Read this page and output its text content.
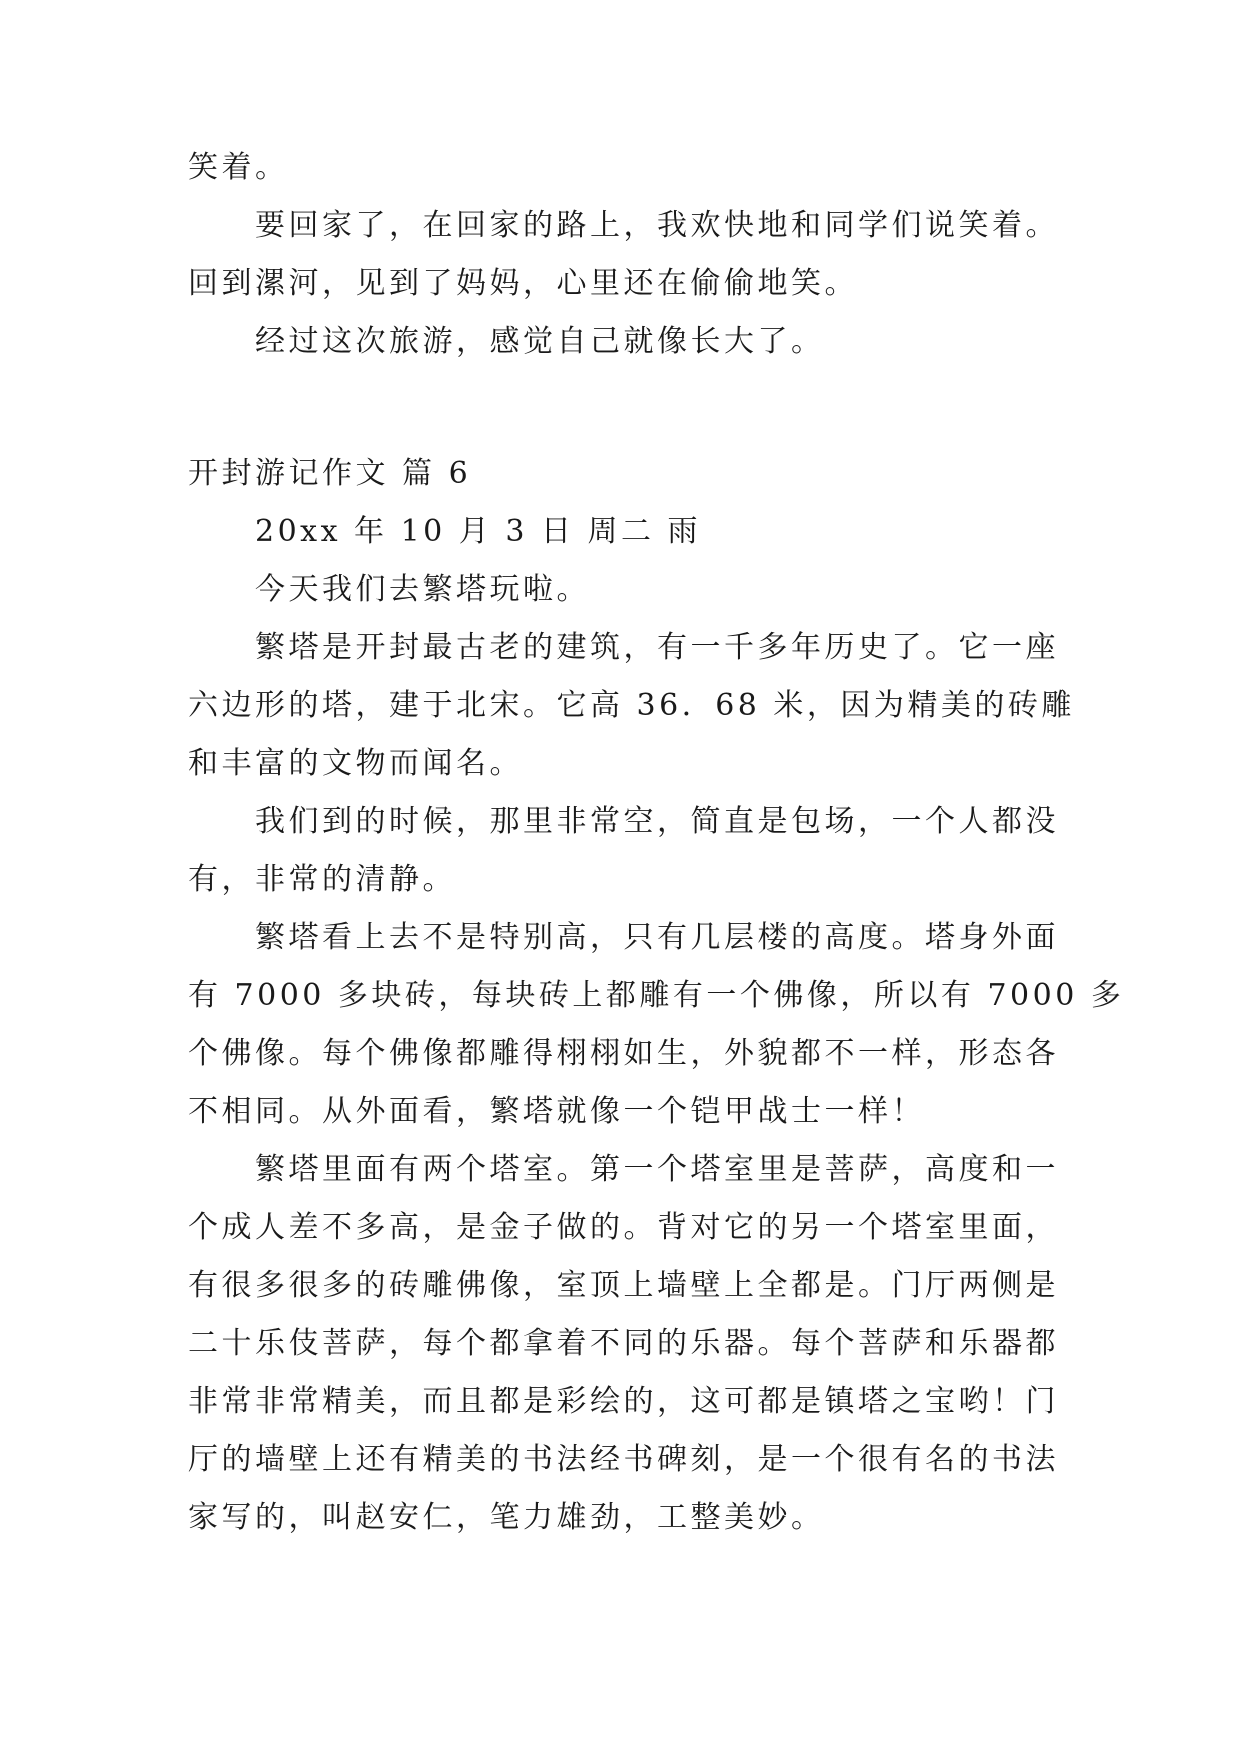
笑着。
要回家了，在回家的路上，我欢快地和同学们说笑着。
回到漯河，见到了妈妈，心里还在偷偷地笑。
经过这次旅游，感觉自己就像长大了。
开封游记作文 篇 6
20xx 年 10 月 3 日 周二 雨
今天我们去繁塔玩啦。
繁塔是开封最古老的建筑，有一千多年历史了。它一座
六边形的塔，建于北宋。它高 36．68 米，因为精美的砖雕
和丰富的文物而闻名。
我们到的时候，那里非常空，简直是包场，一个人都没
有，非常的清静。
繁塔看上去不是特别高，只有几层楼的高度。塔身外面
有 7000 多块砖，每块砖上都雕有一个佛像，所以有 7000 多
个佛像。每个佛像都雕得栩栩如生，外貌都不一样，形态各
不相同。从外面看，繁塔就像一个铠甲战士一样！
繁塔里面有两个塔室。第一个塔室里是菩萨，高度和一
个成人差不多高，是金子做的。背对它的另一个塔室里面，
有很多很多的砖雕佛像，室顶上墙壁上全都是。门厅两侧是
二十乐伎菩萨，每个都拿着不同的乐器。每个菩萨和乐器都
非常非常精美，而且都是彩绘的，这可都是镇塔之宝哟！门
厅的墙壁上还有精美的书法经书碑刻，是一个很有名的书法
家写的，叫赵安仁，笔力雄劲，工整美妙。
